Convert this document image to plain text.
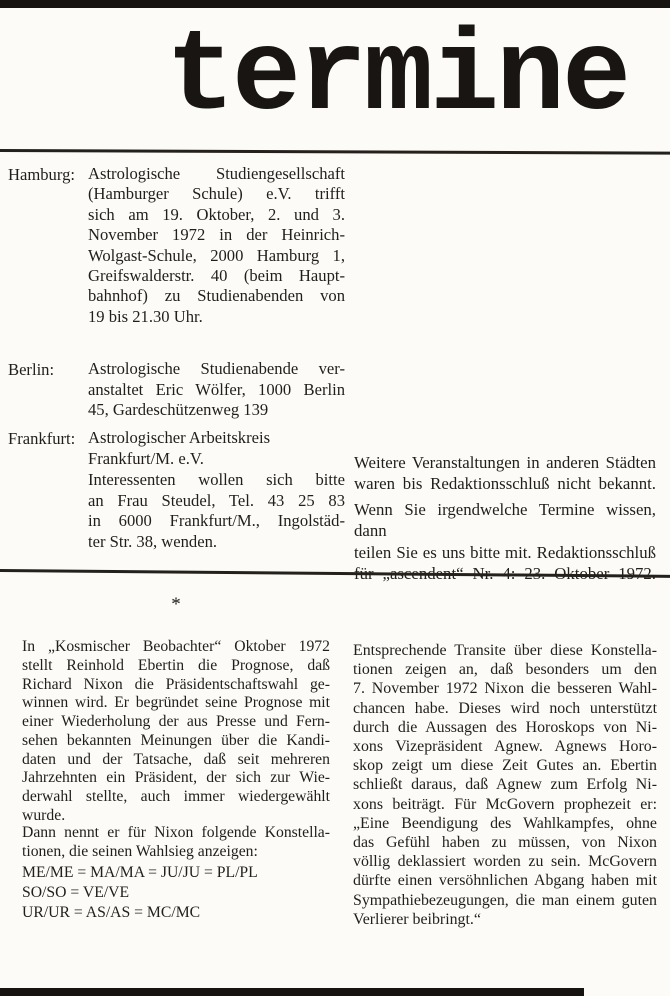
termine
Hamburg: Astrologische Studiengesellschaft
(Hamburger Schule) e.V. trifft
sich am 19. Oktober, 2. und 3.
November 1972 in der Heinrich-
Wolgast-Schule, 2000 Hamburg 1,
Greifswalderstr. 40 (beim Haupt-
bahnhof) zu Studienabenden von
19 bis 21.30 Uhr.
Berlin: Astrologische Studienabende ver-
anstaltet Eric Wölfer, 1000 Berlin
45, Gardeschützenweg 139
Frankfurt: Astrologischer Arbeitskreis
Frankfurt/M. e.V.
Interessenten wollen sich bitte
an Frau Steudel, Tel. 43 25 83
in 6000 Frankfurt/M., Ingolstäd-
ter Str. 38, wenden.
Weitere Veranstaltungen in anderen Städten
waren bis Redaktionsschluß nicht bekannt.
Wenn Sie irgendwelche Termine wissen, dann
teilen Sie es uns bitte mit. Redaktionsschluß
*
In „Kosmischer Beobachter“ Oktober 1972
stellt Reinhold Ebertin die Prognose, daß
Richard Nixon die Präsidentschaftswahl ge-
winnen wird. Er begründet seine Prognose mit
einer Wiederholung der aus Presse und Fern-
sehen bekannten Meinungen über die Kandi-
daten und der Tatsache, daß seit mehreren
Jahrzehnten ein Präsident, der sich zur Wie-
derwahl stellte, auch immer wiedergewählt
wurde.
Dann nennt er für Nixon folgende Konstella-
tionen, die seinen Wahlsieg anzeigen:
ME/ME = MA/MA = JU/JU = PL/PL
SO/SO = VE/VE
UR/UR = AS/AS = MC/MC
Entsprechende Transite über diese Konstella-
tionen zeigen an, daß besonders um den
7. November 1972 Nixon die besseren Wahl-
chancen habe. Dieses wird noch unterstützt
durch die Aussagen des Horoskops von Ni-
xons Vizepräsident Agnew. Agnews Horo-
skop zeigt um diese Zeit Gutes an. Ebertin
schließt daraus, daß Agnew zum Erfolg Ni-
xons beiträgt. Für McGovern prophezeit er:
„Eine Beendigung des Wahlkampfes, ohne
das Gefühl haben zu müssen, von Nixon
völlig deklassiert worden zu sein. McGovern
dürfte einen versöhnlichen Abgang haben mit
Sympathiebezeugungen, die man einem guten
Verlierer beibringt.“
